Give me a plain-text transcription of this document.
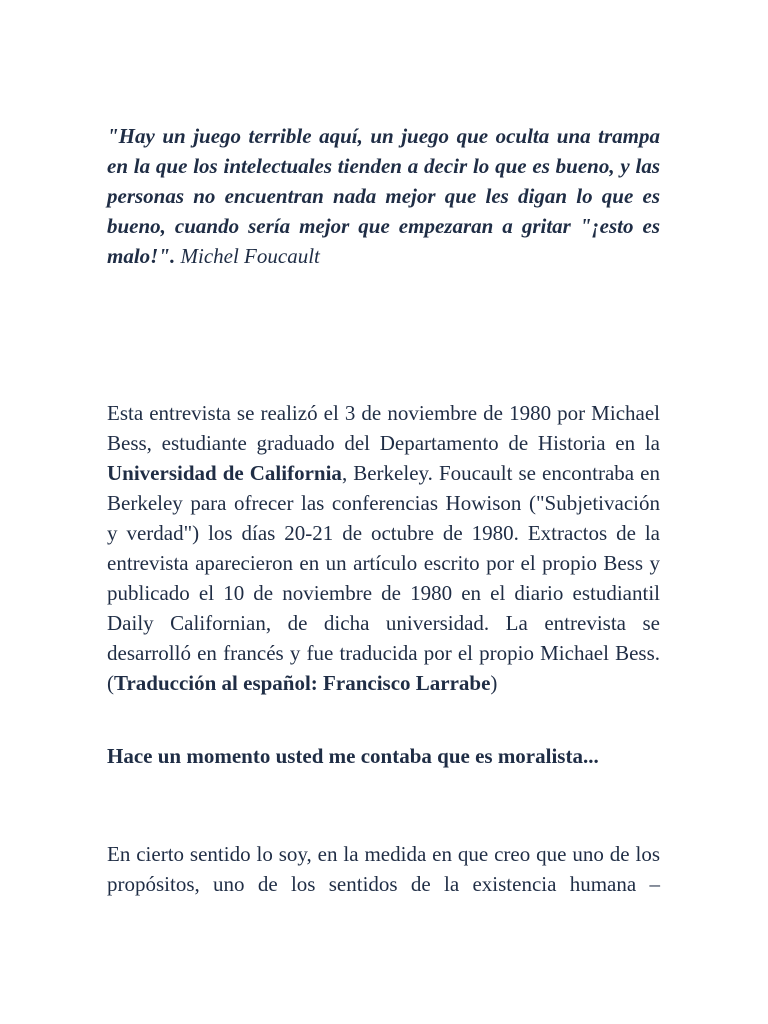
"Hay un juego terrible aquí, un juego que oculta una trampa en la que los intelectuales tienden a decir lo que es bueno, y las personas no encuentran nada mejor que les digan lo que es bueno, cuando sería mejor que empezaran a gritar "¡esto es malo!". Michel Foucault

Esta entrevista se realizó el 3 de noviembre de 1980 por Michael Bess, estudiante graduado del Departamento de Historia en la Universidad de California, Berkeley. Foucault se encontraba en Berkeley para ofrecer las conferencias Howison ("Subjetivación y verdad") los días 20-21 de octubre de 1980. Extractos de la entrevista aparecieron en un artículo escrito por el propio Bess y publicado el 10 de noviembre de 1980 en el diario estudiantil Daily Californian, de dicha universidad. La entrevista se desarrolló en francés y fue traducida por el propio Michael Bess. (Traducción al español: Francisco Larrabe)

Hace un momento usted me contaba que es moralista...

En cierto sentido lo soy, en la medida en que creo que uno de los propósitos, uno de los sentidos de la existencia humana –
